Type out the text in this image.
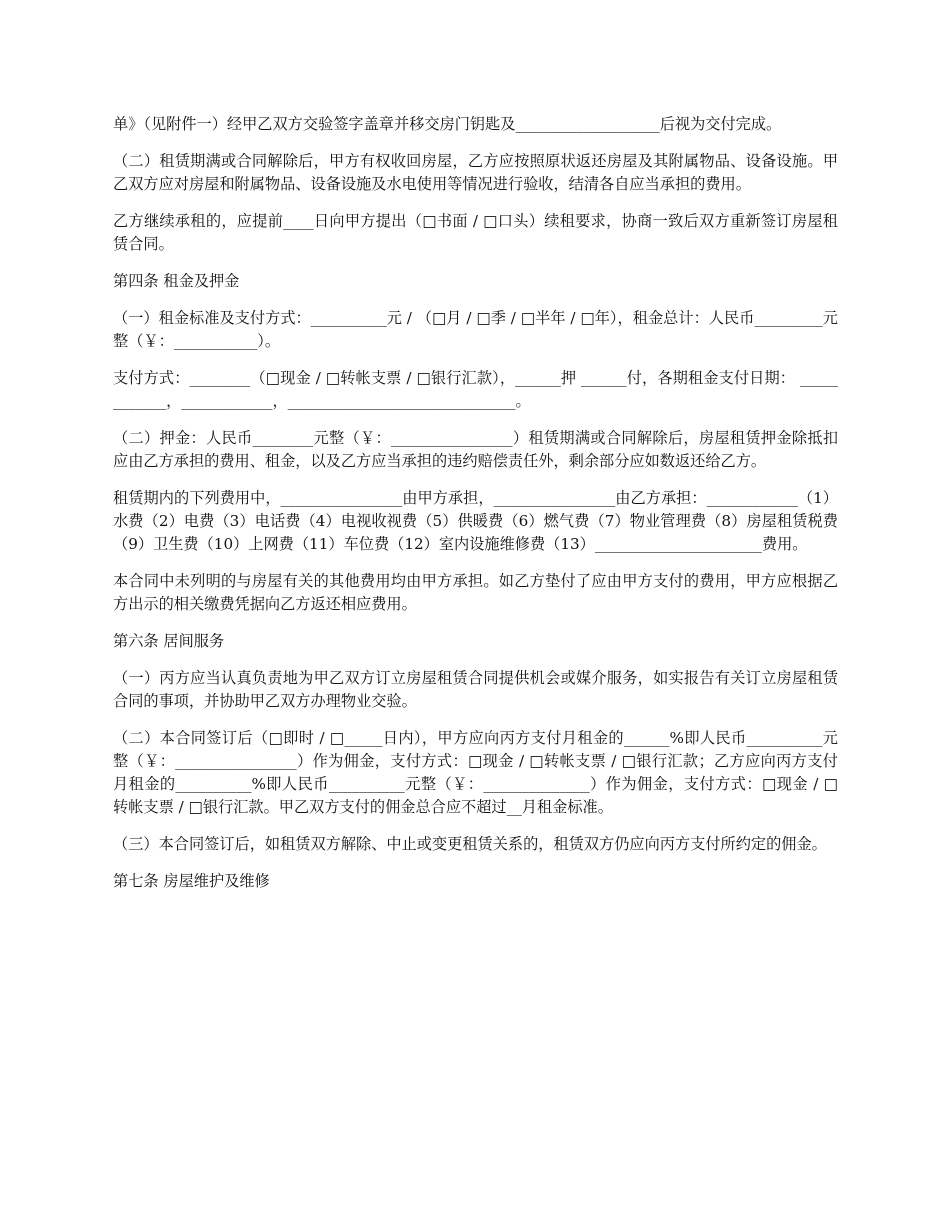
单》（见附件一）经甲乙双方交验签字盖章并移交房门钥匙及___________________后视为交付完成。

（二）租赁期满或合同解除后，甲方有权收回房屋，乙方应按照原状返还房屋及其附属物品、设备设施。甲乙双方应对房屋和附属物品、设备设施及水电使用等情况进行验收，结清各自应当承担的费用。

乙方继续承租的，应提前____日向甲方提出（□书面 / □口头）续租要求，协商一致后双方重新签订房屋租赁合同。

第四条 租金及押金

（一）租金标准及支付方式：__________元 / （□月 / □季 / □半年 / □年），租金总计：人民币_________元整（￥：___________）。

支付方式：________（□现金 / □转帐支票 / □银行汇款），______押 ______付，各期租金支付日期： ____________，____________，______________________________。

（二）押金：人民币________元整（￥：________________）租赁期满或合同解除后，房屋租赁押金除抵扣应由乙方承担的费用、租金，以及乙方应当承担的违约赔偿责任外，剩余部分应如数返还给乙方。

租赁期内的下列费用中，________________由甲方承担，________________由乙方承担：____________（1）水费（2）电费（3）电话费（4）电视收视费（5）供暖费（6）燃气费（7）物业管理费（8）房屋租赁税费（9）卫生费（10）上网费（11）车位费（12）室内设施维修费（13）______________________费用。

本合同中未列明的与房屋有关的其他费用均由甲方承担。如乙方垫付了应由甲方支付的费用，甲方应根据乙方出示的相关缴费凭据向乙方返还相应费用。

第六条 居间服务

（一）丙方应当认真负责地为甲乙双方订立房屋租赁合同提供机会或媒介服务，如实报告有关订立房屋租赁合同的事项，并协助甲乙双方办理物业交验。

（二）本合同签订后（□即时 / □_____日内），甲方应向丙方支付月租金的______%即人民币__________元整（￥：________________）作为佣金，支付方式：□现金 / □转帐支票 / □银行汇款；乙方应向丙方支付月租金的__________%即人民币__________元整（￥：______________）作为佣金，支付方式：□现金 / □转帐支票 / □银行汇款。甲乙双方支付的佣金总合应不超过__月租金标准。

（三）本合同签订后，如租赁双方解除、中止或变更租赁关系的，租赁双方仍应向丙方支付所约定的佣金。

第七条 房屋维护及维修
